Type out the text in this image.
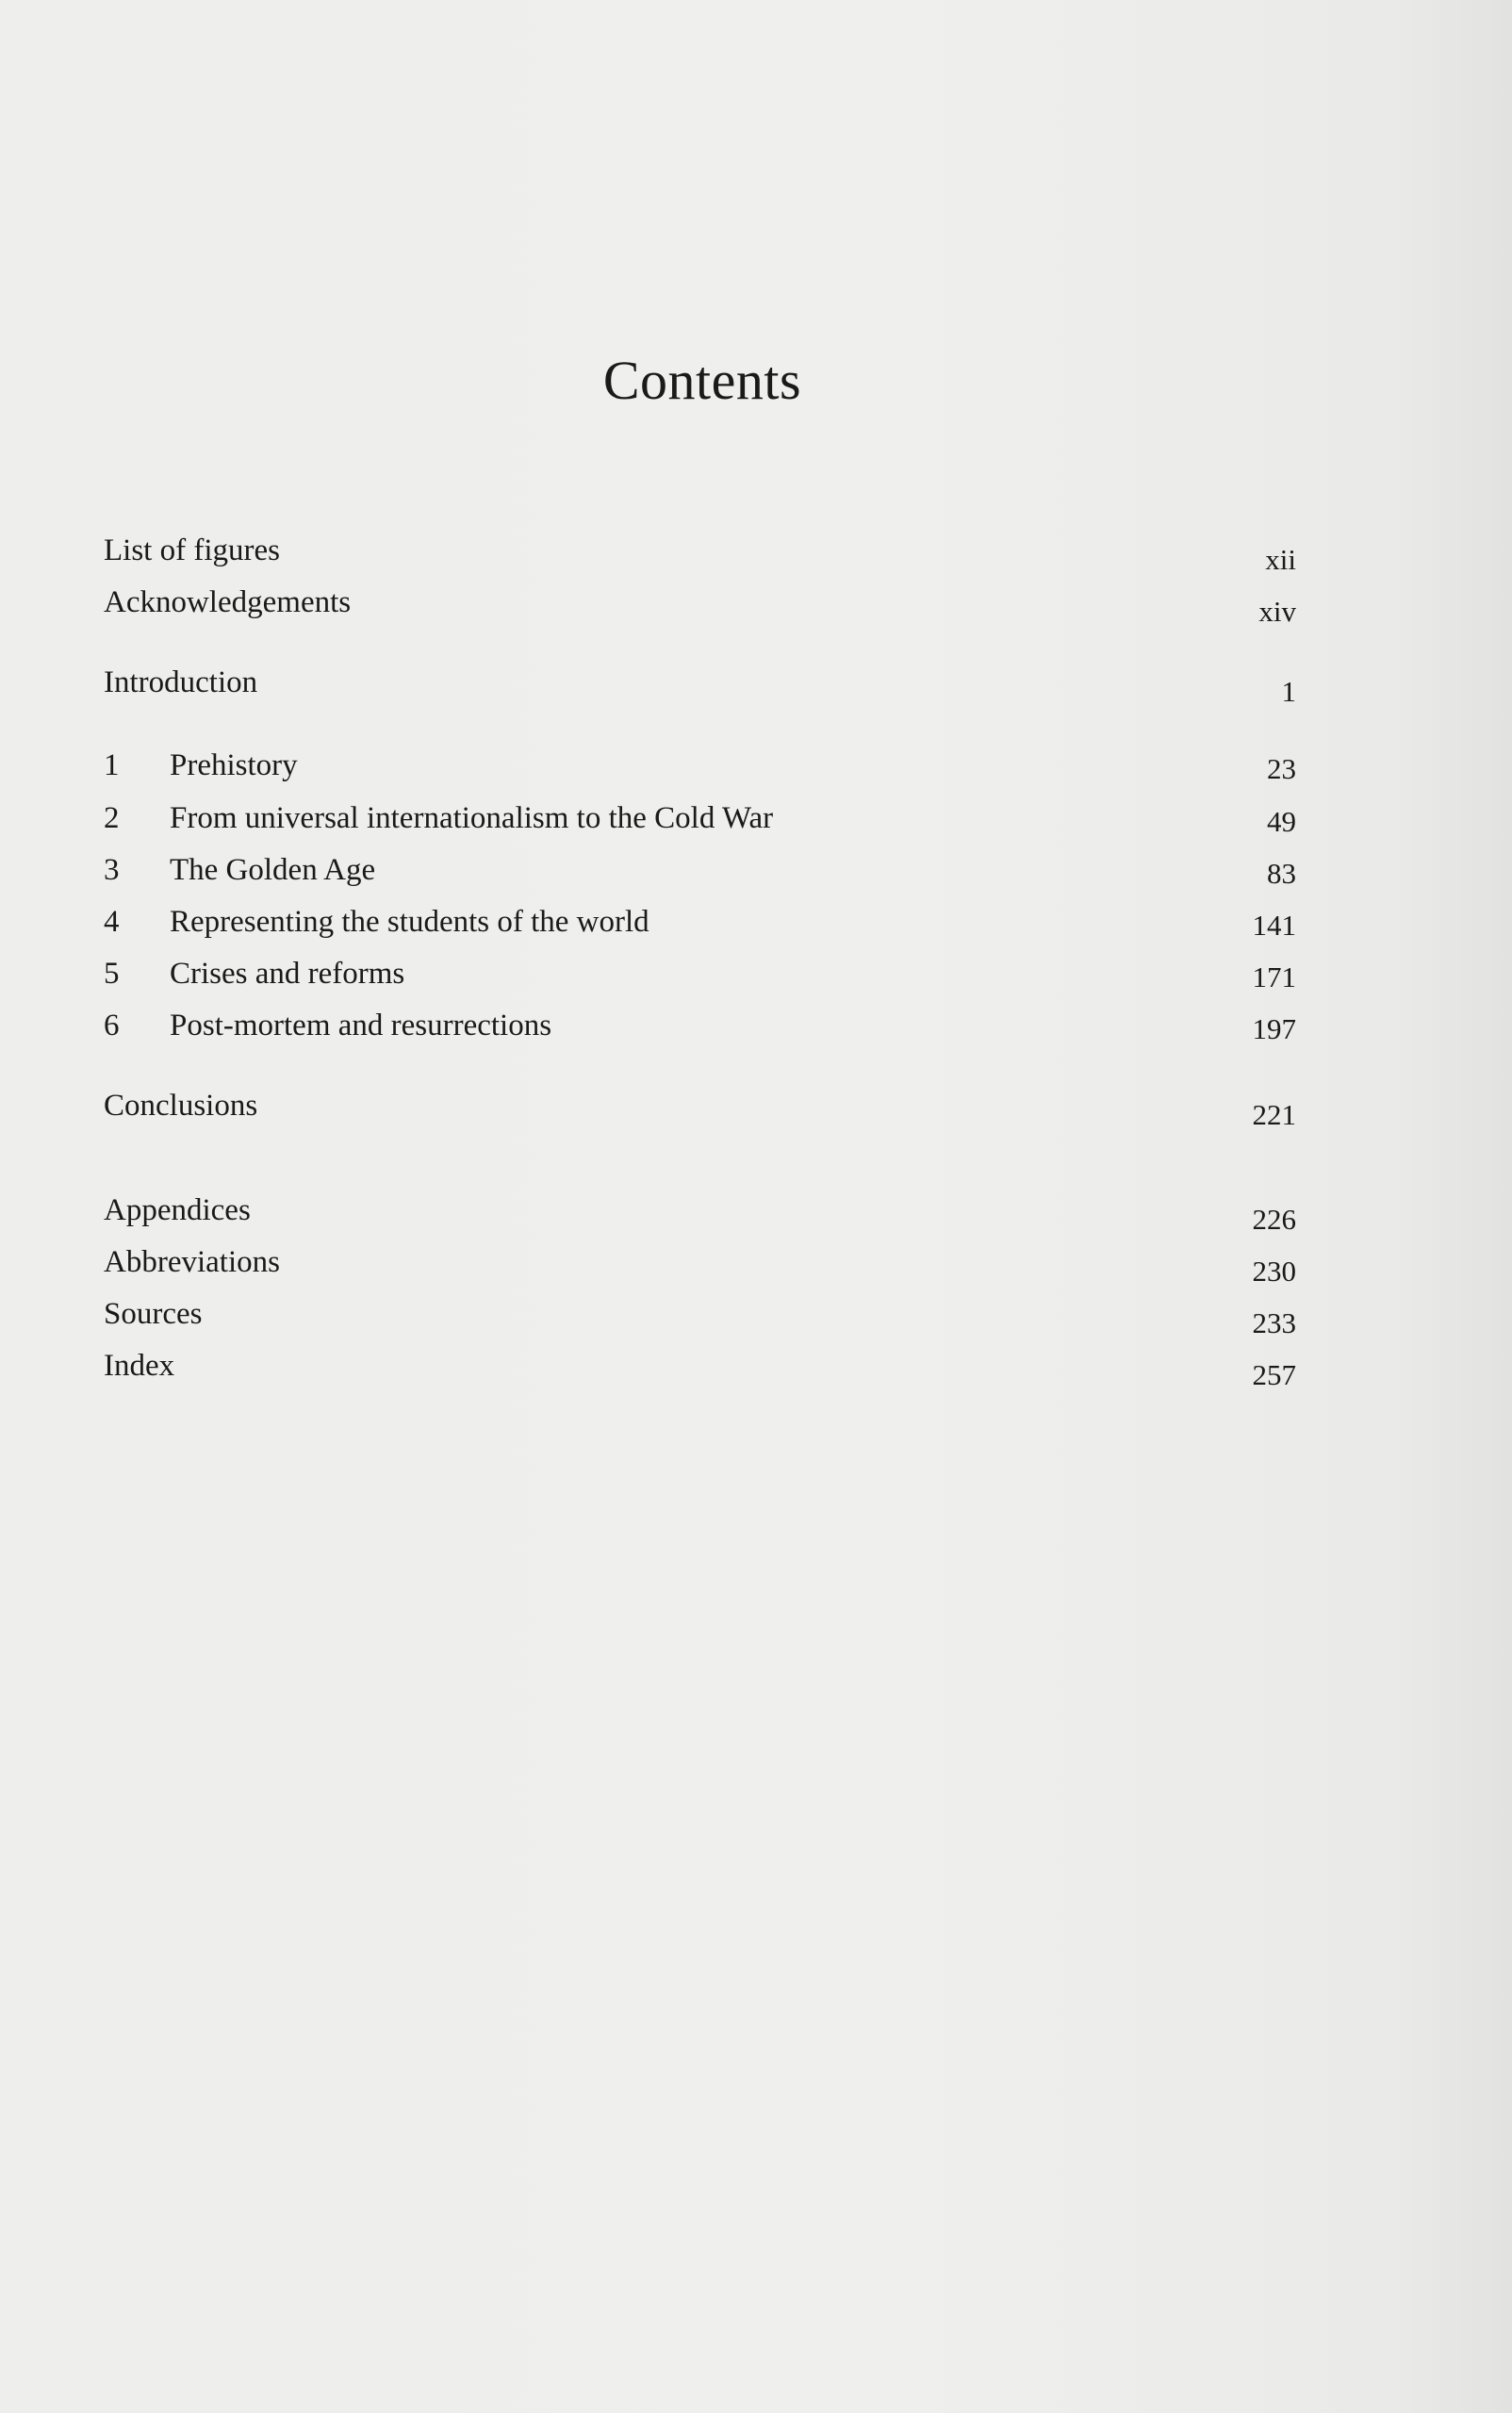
Contents
List of figures	xii
Acknowledgements	xiv
Introduction	1
1 Prehistory	23
2 From universal internationalism to the Cold War	49
3 The Golden Age	83
4 Representing the students of the world	141
5 Crises and reforms	171
6 Post-mortem and resurrections	197
Conclusions	221
Appendices	226
Abbreviations	230
Sources	233
Index	257
